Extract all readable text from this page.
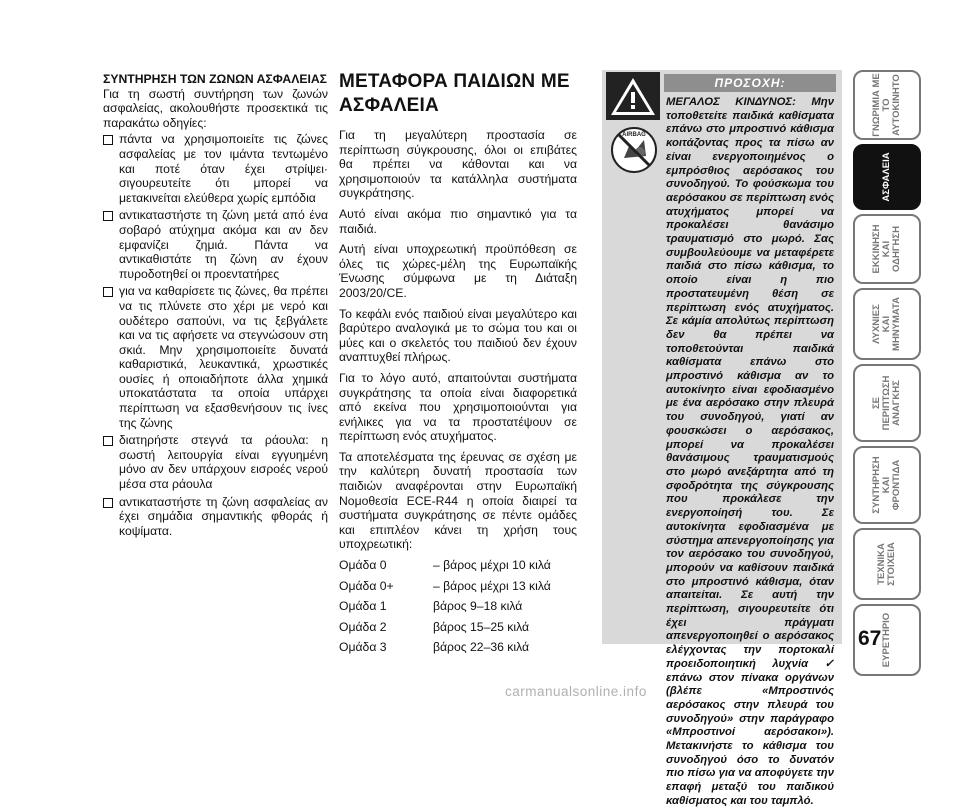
ΣΥΝΤΗΡΗΣΗ ΤΩΝ ΖΩΝΩΝ ΑΣΦΑΛΕΙΑΣ

Για τη σωστή συντήρηση των ζωνών ασφαλείας, ακολουθήστε προσεκτικά τις παρακάτω οδηγίες:

πάντα να χρησιμοποιείτε τις ζώνες ασφαλείας με τον ιμάντα τεντωμένο και ποτέ όταν έχει στρίψει· σιγουρευτείτε ότι μπορεί να μετακινείται ελεύθερα χωρίς εμπόδια
αντικαταστήστε τη ζώνη μετά από ένα σοβαρό ατύχημα ακόμα και αν δεν εμφανίζει ζημιά. Πάντα να αντικαθιστάτε τη ζώνη αν έχουν πυροδοτηθεί οι προεντατήρες
για να καθαρίσετε τις ζώνες, θα πρέπει να τις πλύνετε στο χέρι με νερό και ουδέτερο σαπούνι, να τις ξεβγάλετε και να τις αφήσετε να στεγνώσουν στη σκιά. Μην χρησιμοποιείτε δυνατά καθαριστικά, λευκαντικά, χρωστικές ουσίες ή οποιαδήποτε άλλα χημικά υποκατάστατα τα οποία υπάρχει περίπτωση να εξασθενήσουν τις ίνες της ζώνης
διατηρήστε στεγνά τα ράουλα: η σωστή λειτουργία είναι εγγυημένη μόνο αν δεν υπάρχουν εισροές νερού μέσα στα ράουλα
αντικαταστήστε τη ζώνη ασφαλείας αν έχει σημάδια σημαντικής φθοράς ή κοψίματα.
ΜΕΤΑΦΟΡΑ ΠΑΙΔΙΩΝ ΜΕ ΑΣΦΑΛΕΙΑ

Για τη μεγαλύτερη προστασία σε περίπτωση σύγκρουσης, όλοι οι επιβάτες θα πρέπει να κάθονται και να χρησιμοποιούν τα κατάλληλα συστήματα συγκράτησης.

Αυτό είναι ακόμα πιο σημαντικό για τα παιδιά.

Αυτή είναι υποχρεωτική προϋπόθεση σε όλες τις χώρες-μέλη της Ευρωπαϊκής Ένωσης σύμφωνα με τη Διάταξη 2003/20/CE.

Το κεφάλι ενός παιδιού είναι μεγαλύτερο και βαρύτερο αναλογικά με το σώμα του και οι μύες και ο σκελετός του παιδιού δεν έχουν αναπτυχθεί πλήρως.

Για το λόγο αυτό, απαιτούνται συστήματα συγκράτησης τα οποία είναι διαφορετικά από εκείνα που χρησιμοποιούνται για ενήλικες για να τα προστατέψουν σε περίπτωση ενός ατυχήματος.

Τα αποτελέσματα της έρευνας σε σχέση με την καλύτερη δυνατή προστασία των παιδιών αναφέρονται στην Ευρωπαϊκή Νομοθεσία ECE-R44 η οποία διαιρεί τα συστήματα συγκράτησης σε πέντε ομάδες και επιπλέον κάνει τη χρήση τους υποχρεωτική:

Ομάδα 0	– βάρος μέχρι 10 κιλά
Ομάδα 0+	– βάρος μέχρι 13 κιλά
Ομάδα 1	βάρος 9–18 κιλά
Ομάδα 2	βάρος 15–25 κιλά
Ομάδα 3	βάρος 22–36 κιλά
AIRBAG
ΠΡΟΣΟΧΗ:
ΜΕΓΑΛΟΣ ΚΙΝΔΥΝΟΣ: Μην τοποθετείτε παιδικά καθίσματα επάνω στο μπροστινό κάθισμα κοιτάζοντας προς τα πίσω αν είναι ενεργοποιημένος ο εμπρόσθιος αερόσακος του συνοδηγού. Το φούσκωμα του αερόσακου σε περίπτωση ενός ατυχήματος μπορεί να προκαλέσει θανάσιμο τραυματισμό στο μωρό. Σας συμβουλεύουμε να μεταφέρετε παιδιά στο πίσω κάθισμα, το οποίο είναι η πιο προστατευμένη θέση σε περίπτωση ενός ατυχήματος. Σε κάμία απολύτως περίπτωση δεν θα πρέπει να τοποθετούνται παιδικά καθίσματα επάνω στο μπροστινό κάθισμα αν το αυτοκίνητο είναι εφοδιασμένο με ένα αερόσακο στην πλευρά του συνοδηγού, γιατί αν φουσκώσει ο αερόσακος, μπορεί να προκαλέσει θανάσιμους τραυματισμούς στο μωρό ανεξάρτητα από τη σφοδρότητα της σύγκρουσης που προκάλεσε την ενεργοποίησή του. Σε αυτοκίνητα εφοδιασμένα με σύστημα απενεργοποίησης για τον αερόσακο του συνοδηγού, μπορούν να καθίσουν παιδικά στο μπροστινό κάθισμα, όταν απαιτείται. Σε αυτή την περίπτωση, σιγουρευτείτε ότι έχει πράγματι απενεργοποιηθεί ο αερόσακος ελέγχοντας την πορτοκαλί προειδοποιητική λυχνία ✓ επάνω στον πίνακα οργάνων (βλέπε «Μπροστινός αερόσακος στην πλευρά του συνοδηγού» στην παράγραφο «Μπροστινοί αερόσακοι»). Μετακινήστε το κάθισμα του συνοδηγού όσο το δυνατόν πιο πίσω για να αποφύγετε την επαφή μεταξύ του παιδικού καθίσματος και του ταμπλό.
ΓΝΩΡΙΜΙΑ ΜΕ
ΤΟ
ΑΥΤΟΚΙΝΗΤΟ
ΑΣΦΑΛΕΙΑ
ΕΚΚΙΝΗΣΗ
ΚΑΙ
ΟΔΗΓΗΣΗ
ΛΥΧΝΙΕΣ
ΚΑΙ
ΜΗΝΥΜΑΤΑ
ΣΕ
ΠΕΡΙΠΤΩΣΗ
ΑΝΑΓΚΗΣ
ΣΥΝΤΗΡΗΣΗ
ΚΑΙ
ΦΡΟΝΤΙΔΑ
ΤΕΧΝΙΚΑ
ΣΤΟΙΧΕΙΑ
ΕΥΡΕΤΗΡΙΟ
67
carmanualsonline.info
